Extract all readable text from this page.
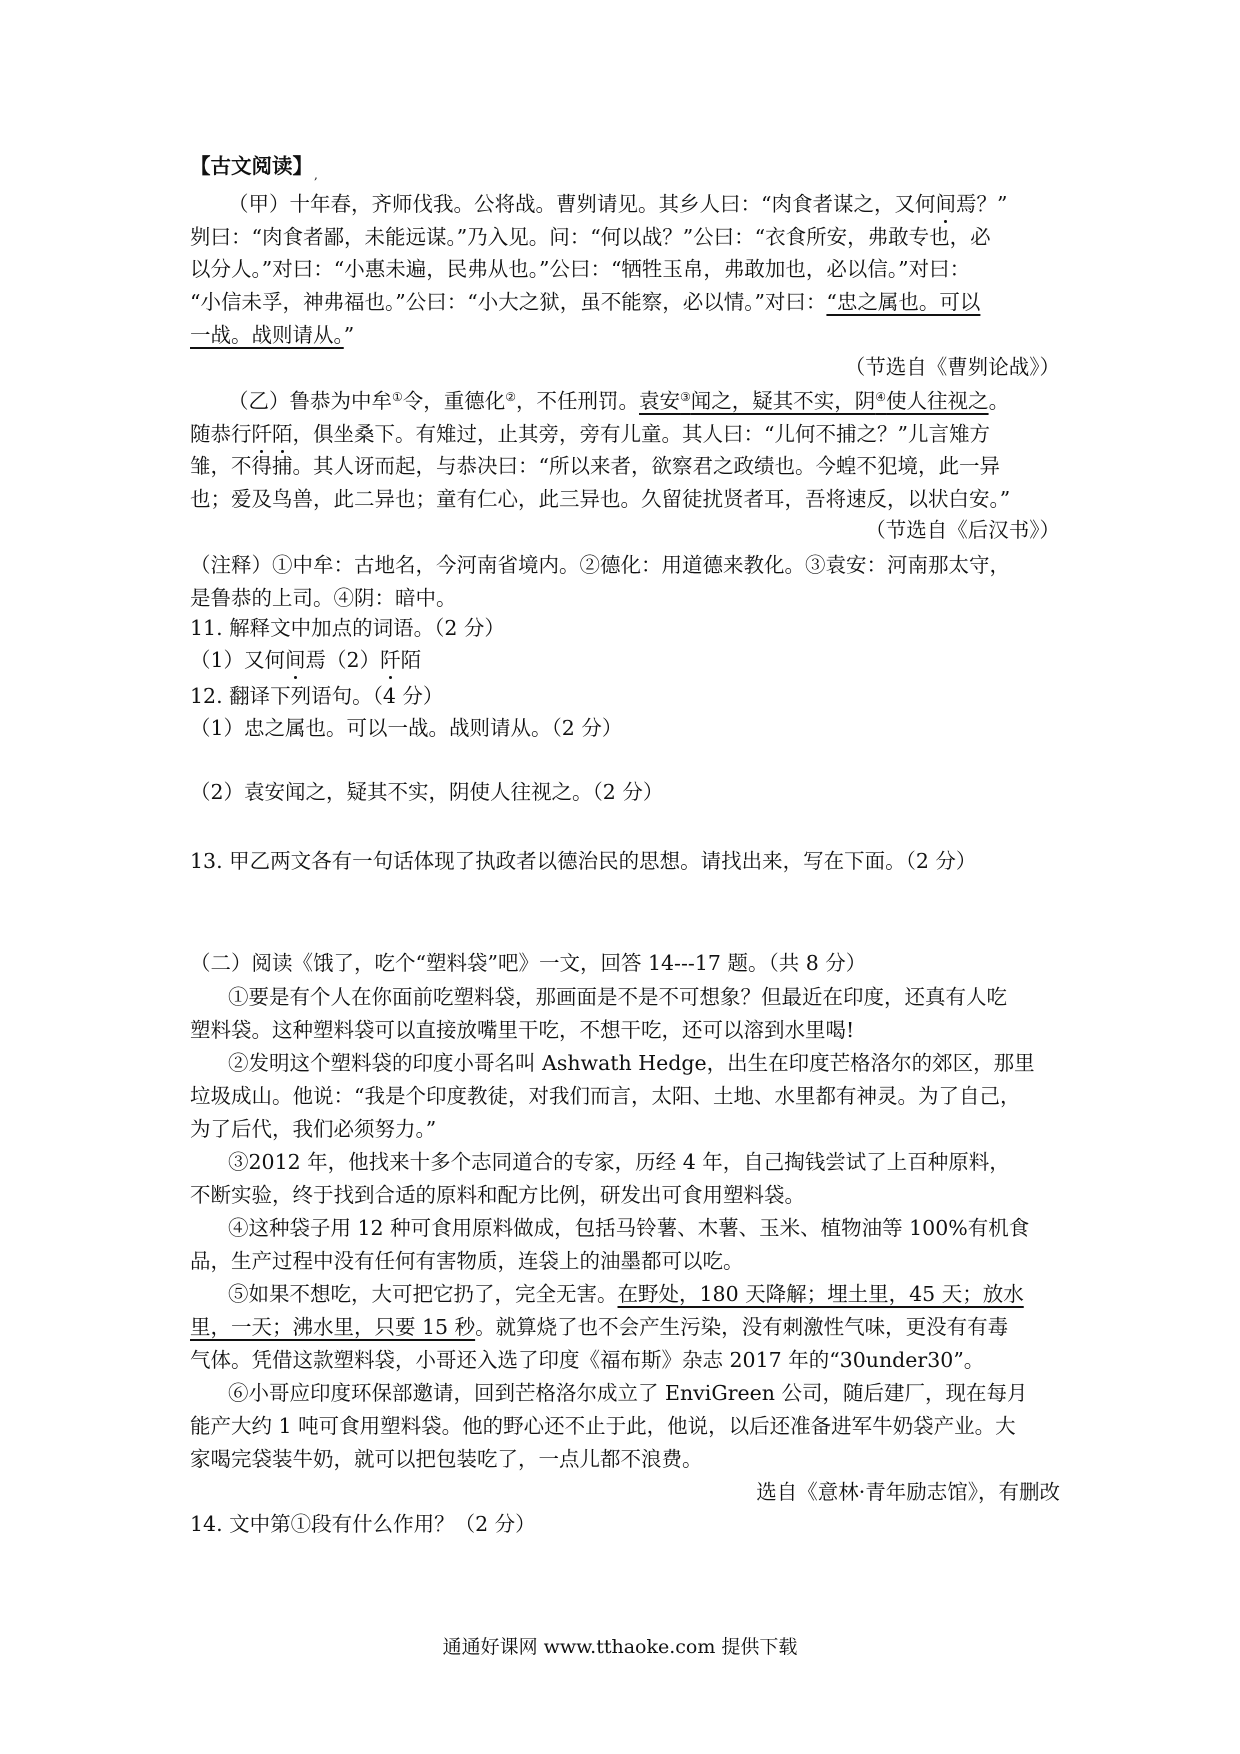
【古文阅读】 ,
（甲）十年春，齐师伐我。公将战。曹刿请见。其乡人曰：“肉食者谋之，又何间焉？”
刿曰：“肉食者鄙，未能远谋。”乃入见。问：“何以战？”公曰：“衣食所安，弗敢专也，必
以分人。”对曰：“小惠未遍，民弗从也。”公曰：“牺牲玉帛，弗敢加也，必以信。”对曰：
“小信未孚，神弗福也。”公曰：“小大之狱，虽不能察，必以情。”对曰：“忠之属也。可以
一战。战则请从。”
（节选自《曹刿论战》）
（乙）鲁恭为中牟①令，重德化②，不任刑罚。袁安③闻之，疑其不实，阴④使人往视之。
随恭行阡陌，俱坐桑下。有雉过，止其旁，旁有儿童。其人曰：“儿何不捕之？”儿言雉方
雏，不得捕。其人讶而起，与恭决曰：“所以来者，欲察君之政绩也。今蝗不犯境，此一异
也；爱及鸟兽，此二异也；童有仁心，此三异也。久留徒扰贤者耳，吾将速反，以状白安。”
（节选自《后汉书》）
（注释）①中牟：古地名，今河南省境内。②德化：用道德来教化。③袁安：河南那太守，
是鲁恭的上司。④阴：暗中。
11. 解释文中加点的词语。（2 分）
（1）又何间焉（2）阡陌
12. 翻译下列语句。（4 分）
（1）忠之属也。可以一战。战则请从。（2 分）
（2）袁安闻之，疑其不实，阴使人往视之。（2 分）
13. 甲乙两文各有一句话体现了执政者以德治民的思想。请找出来，写在下面。（2 分）
（二）阅读《饿了，吃个“塑料袋”吧》一文，回答 14---17 题。（共 8 分）
①要是有个人在你面前吃塑料袋，那画面是不是不可想象？但最近在印度，还真有人吃
塑料袋。这种塑料袋可以直接放嘴里干吃，不想干吃，还可以溶到水里喝!
②发明这个塑料袋的印度小哥名叫 Ashwath Hedge，出生在印度芒格洛尔的郊区，那里
垃圾成山。他说：“我是个印度教徒，对我们而言，太阳、土地、水里都有神灵。为了自己，
为了后代，我们必须努力。”
③2012 年，他找来十多个志同道合的专家，历经 4 年，自己掏钱尝试了上百种原料，
不断实验，终于找到合适的原料和配方比例，研发出可食用塑料袋。
④这种袋子用 12 种可食用原料做成，包括马铃薯、木薯、玉米、植物油等 100%有机食
品，生产过程中没有任何有害物质，连袋上的油墨都可以吃。
⑤如果不想吃，大可把它扔了，完全无害。在野处，180 天降解；埋土里，45 天；放水
里，一天；沸水里，只要 15 秒。就算烧了也不会产生污染，没有刺激性气味，更没有有毒
气体。凭借这款塑料袋，小哥还入选了印度《福布斯》杂志 2017 年的“30under30”。
⑥小哥应印度环保部邀请，回到芒格洛尔成立了 EnviGreen 公司，随后建厂，现在每月
能产大约 1 吨可食用塑料袋。他的野心还不止于此，他说，以后还准备进军牛奶袋产业。大
家喝完袋装牛奶，就可以把包装吃了，一点儿都不浪费。
选自《意林·青年励志馆》，有删改
14. 文中第①段有什么作用？（2 分）
通通好课网 www.tthaoke.com 提供下载
